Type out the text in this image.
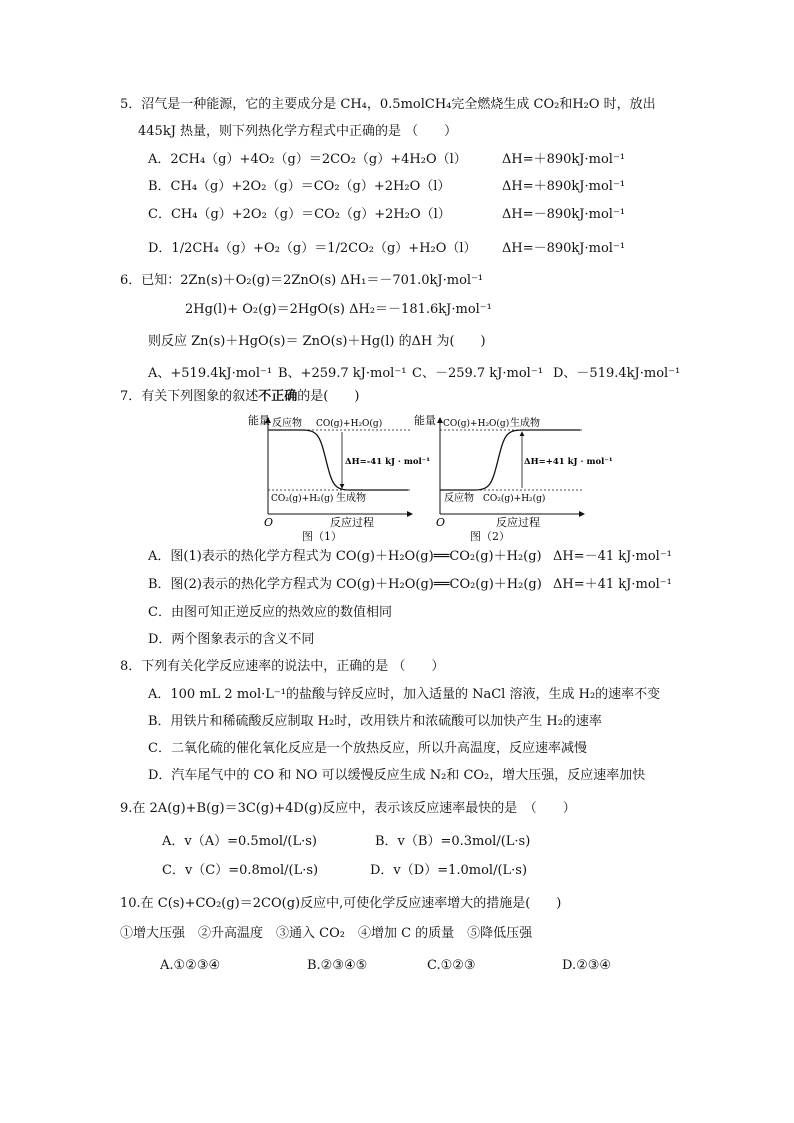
5．沼气是一种能源，它的主要成分是 CH₄，0.5molCH₄完全燃烧生成 CO₂和H₂O 时，放出
445kJ 热量，则下列热化学方程式中正确的是 （　　）
A．2CH₄（g）+4O₂（g）＝2CO₂（g）+4H₂O（l）	ΔH=＋890kJ·mol⁻¹
B．CH₄（g）+2O₂（g）＝CO₂（g）+2H₂O（l）	ΔH=＋890kJ·mol⁻¹
C．CH₄（g）+2O₂（g）＝CO₂（g）+2H₂O（l）	ΔH=－890kJ·mol⁻¹
D．1/2CH₄（g）+O₂（g）＝1/2CO₂（g）+H₂O（l） ΔH=－890kJ·mol⁻¹
6．已知：2Zn(s)＋O₂(g)＝2ZnO(s) ΔH₁＝－701.0kJ·mol⁻¹
2Hg(l)+ O₂(g)＝2HgO(s) ΔH₂＝－181.6kJ·mol⁻¹
则反应 Zn(s)＋HgO(s)＝ ZnO(s)＋Hg(l) 的ΔH 为(　　)
A、+519.4kJ·mol⁻¹ B、+259.7 kJ·mol⁻¹ C、－259.7 kJ·mol⁻¹ D、－519.4kJ·mol⁻¹
7．有关下列图象的叙述不正确的是(　　)
能量
O	反应过程
反应物 CO(g)+H₂O(g)
CO₂(g)+H₂(g) 生成物
ΔH=-41 kJ · mol⁻¹
图（1）
能量
O	反应过程
CO(g)+H₂O(g) 生成物
反应物 CO₂(g)+H₂(g)
ΔH=+41 kJ · mol⁻¹
图（2）
A．图(1)表示的热化学方程式为 CO(g)＋H₂O(g)══CO₂(g)＋H₂(g) ΔH=－41 kJ·mol⁻¹
B．图(2)表示的热化学方程式为 CO(g)＋H₂O(g)══CO₂(g)＋H₂(g) ΔH=＋41 kJ·mol⁻¹
C．由图可知正逆反应的热效应的数值相同
D．两个图象表示的含义不同
8．下列有关化学反应速率的说法中，正确的是 （　　）
A．100 mL 2 mol·L⁻¹的盐酸与锌反应时，加入适量的 NaCl 溶液，生成 H₂的速率不变
B．用铁片和稀硫酸反应制取 H₂时，改用铁片和浓硫酸可以加快产生 H₂的速率
C．二氧化硫的催化氧化反应是一个放热反应，所以升高温度，反应速率减慢
D．汽车尾气中的 CO 和 NO 可以缓慢反应生成 N₂和 CO₂，增大压强，反应速率加快
9.在 2A(g)+B(g)＝3C(g)+4D(g)反应中，表示该反应速率最快的是　（　　）
A．v（A）=0.5mol/(L·s)	B．v（B）=0.3mol/(L·s)
C．v（C）=0.8mol/(L·s)	D．v（D）=1.0mol/(L·s)
10.在 C(s)+CO₂(g)＝2CO(g)反应中,可使化学反应速率增大的措施是(　　)
①增大压强　②升高温度　③通入 CO₂　④增加 C 的质量　⑤降低压强
A.①②③④	B.②③④⑤	C.①②③	D.②③④
